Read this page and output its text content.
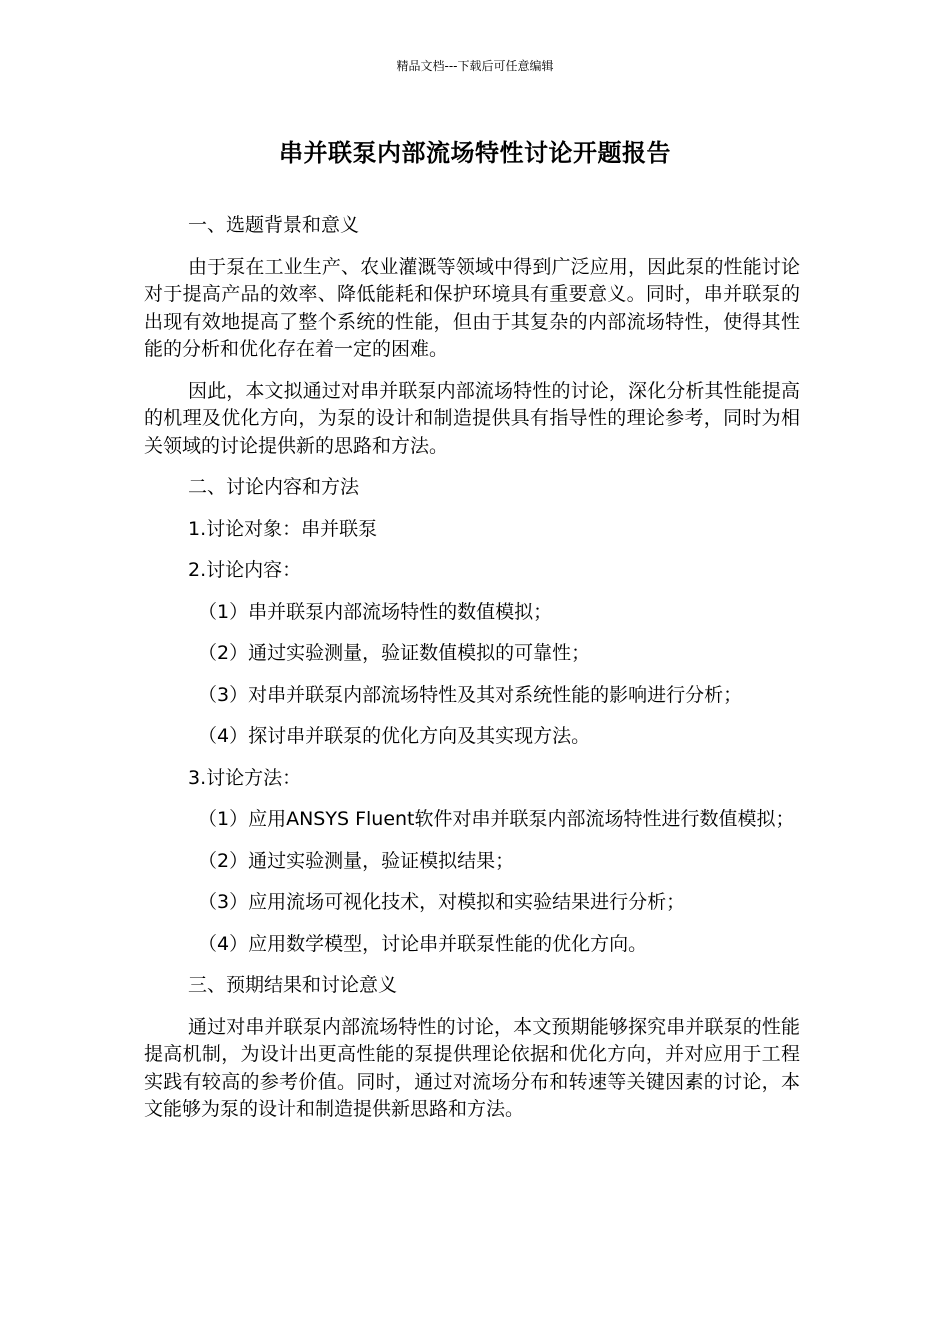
精品文档---下载后可任意编辑
串并联泵内部流场特性讨论开题报告

一、选题背景和意义

由于泵在工业生产、农业灌溉等领域中得到广泛应用，因此泵的性能讨论对于提高产品的效率、降低能耗和保护环境具有重要意义。同时，串并联泵的出现有效地提高了整个系统的性能，但由于其复杂的内部流场特性，使得其性能的分析和优化存在着一定的困难。

因此，本文拟通过对串并联泵内部流场特性的讨论，深化分析其性能提高的机理及优化方向，为泵的设计和制造提供具有指导性的理论参考，同时为相关领域的讨论提供新的思路和方法。

二、讨论内容和方法

1.讨论对象：串并联泵

2.讨论内容：

（1）串并联泵内部流场特性的数值模拟；

（2）通过实验测量，验证数值模拟的可靠性；

（3）对串并联泵内部流场特性及其对系统性能的影响进行分析；

（4）探讨串并联泵的优化方向及其实现方法。

3.讨论方法：

（1）应用ANSYS Fluent软件对串并联泵内部流场特性进行数值模拟；

（2）通过实验测量，验证模拟结果；

（3）应用流场可视化技术，对模拟和实验结果进行分析；

（4）应用数学模型，讨论串并联泵性能的优化方向。

三、预期结果和讨论意义

通过对串并联泵内部流场特性的讨论，本文预期能够探究串并联泵的性能提高机制，为设计出更高性能的泵提供理论依据和优化方向，并对应用于工程实践有较高的参考价值。同时，通过对流场分布和转速等关键因素的讨论，本文能够为泵的设计和制造提供新思路和方法。
